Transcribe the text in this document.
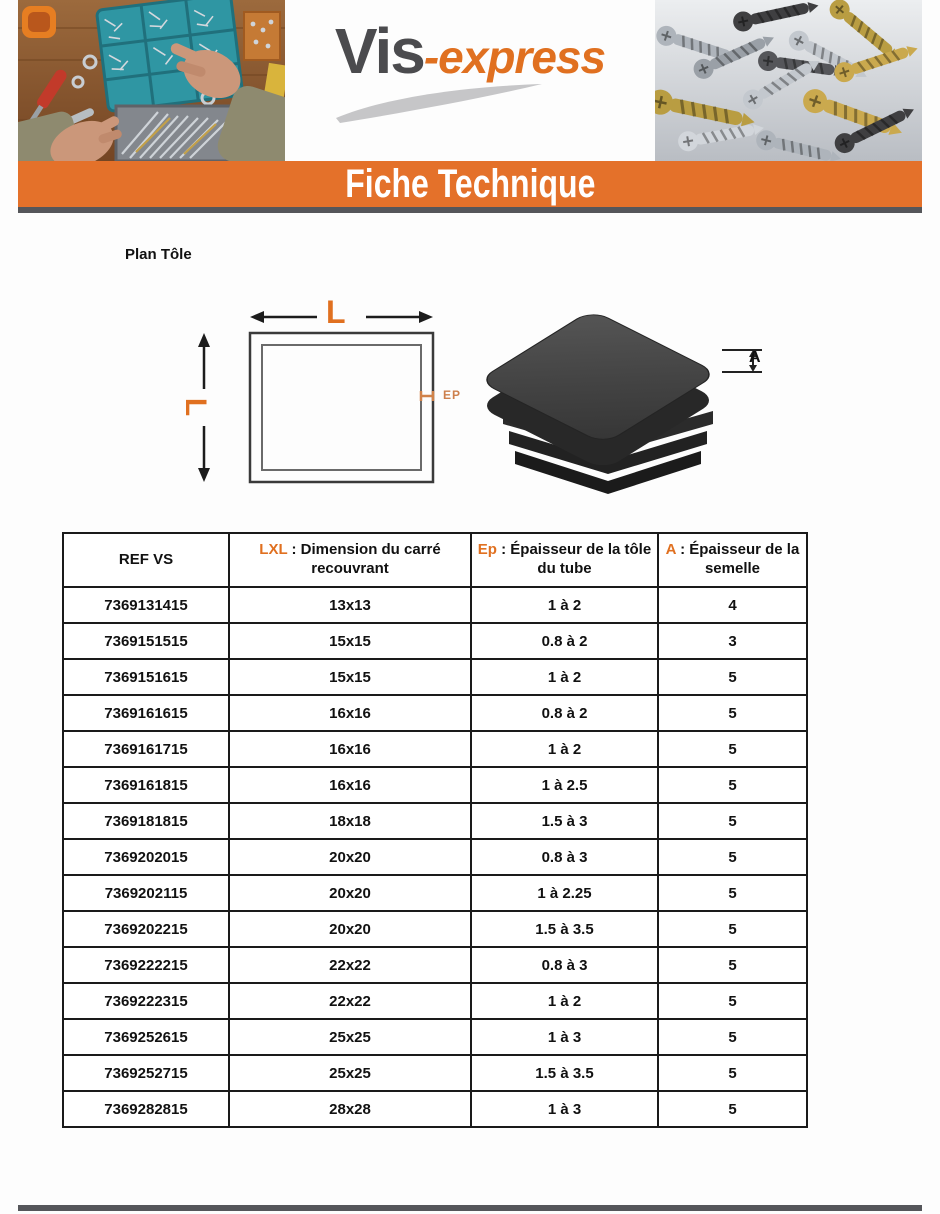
Vis-express
Fiche Technique
Plan Tôle
L
L
EP
A
REF VS	LXL : Dimension du carré recouvrant	Ep : Épaisseur de la tôle du tube	A : Épaisseur de la semelle
7369131415	13x13	1 à 2	4
7369151515	15x15	0.8 à 2	3
7369151615	15x15	1 à 2	5
7369161615	16x16	0.8 à 2	5
7369161715	16x16	1 à 2	5
7369161815	16x16	1 à 2.5	5
7369181815	18x18	1.5 à 3	5
7369202015	20x20	0.8 à 3	5
7369202115	20x20	1 à 2.25	5
7369202215	20x20	1.5 à 3.5	5
7369222215	22x22	0.8 à 3	5
7369222315	22x22	1 à 2	5
7369252615	25x25	1 à 3	5
7369252715	25x25	1.5 à 3.5	5
7369282815	28x28	1 à 3	5
